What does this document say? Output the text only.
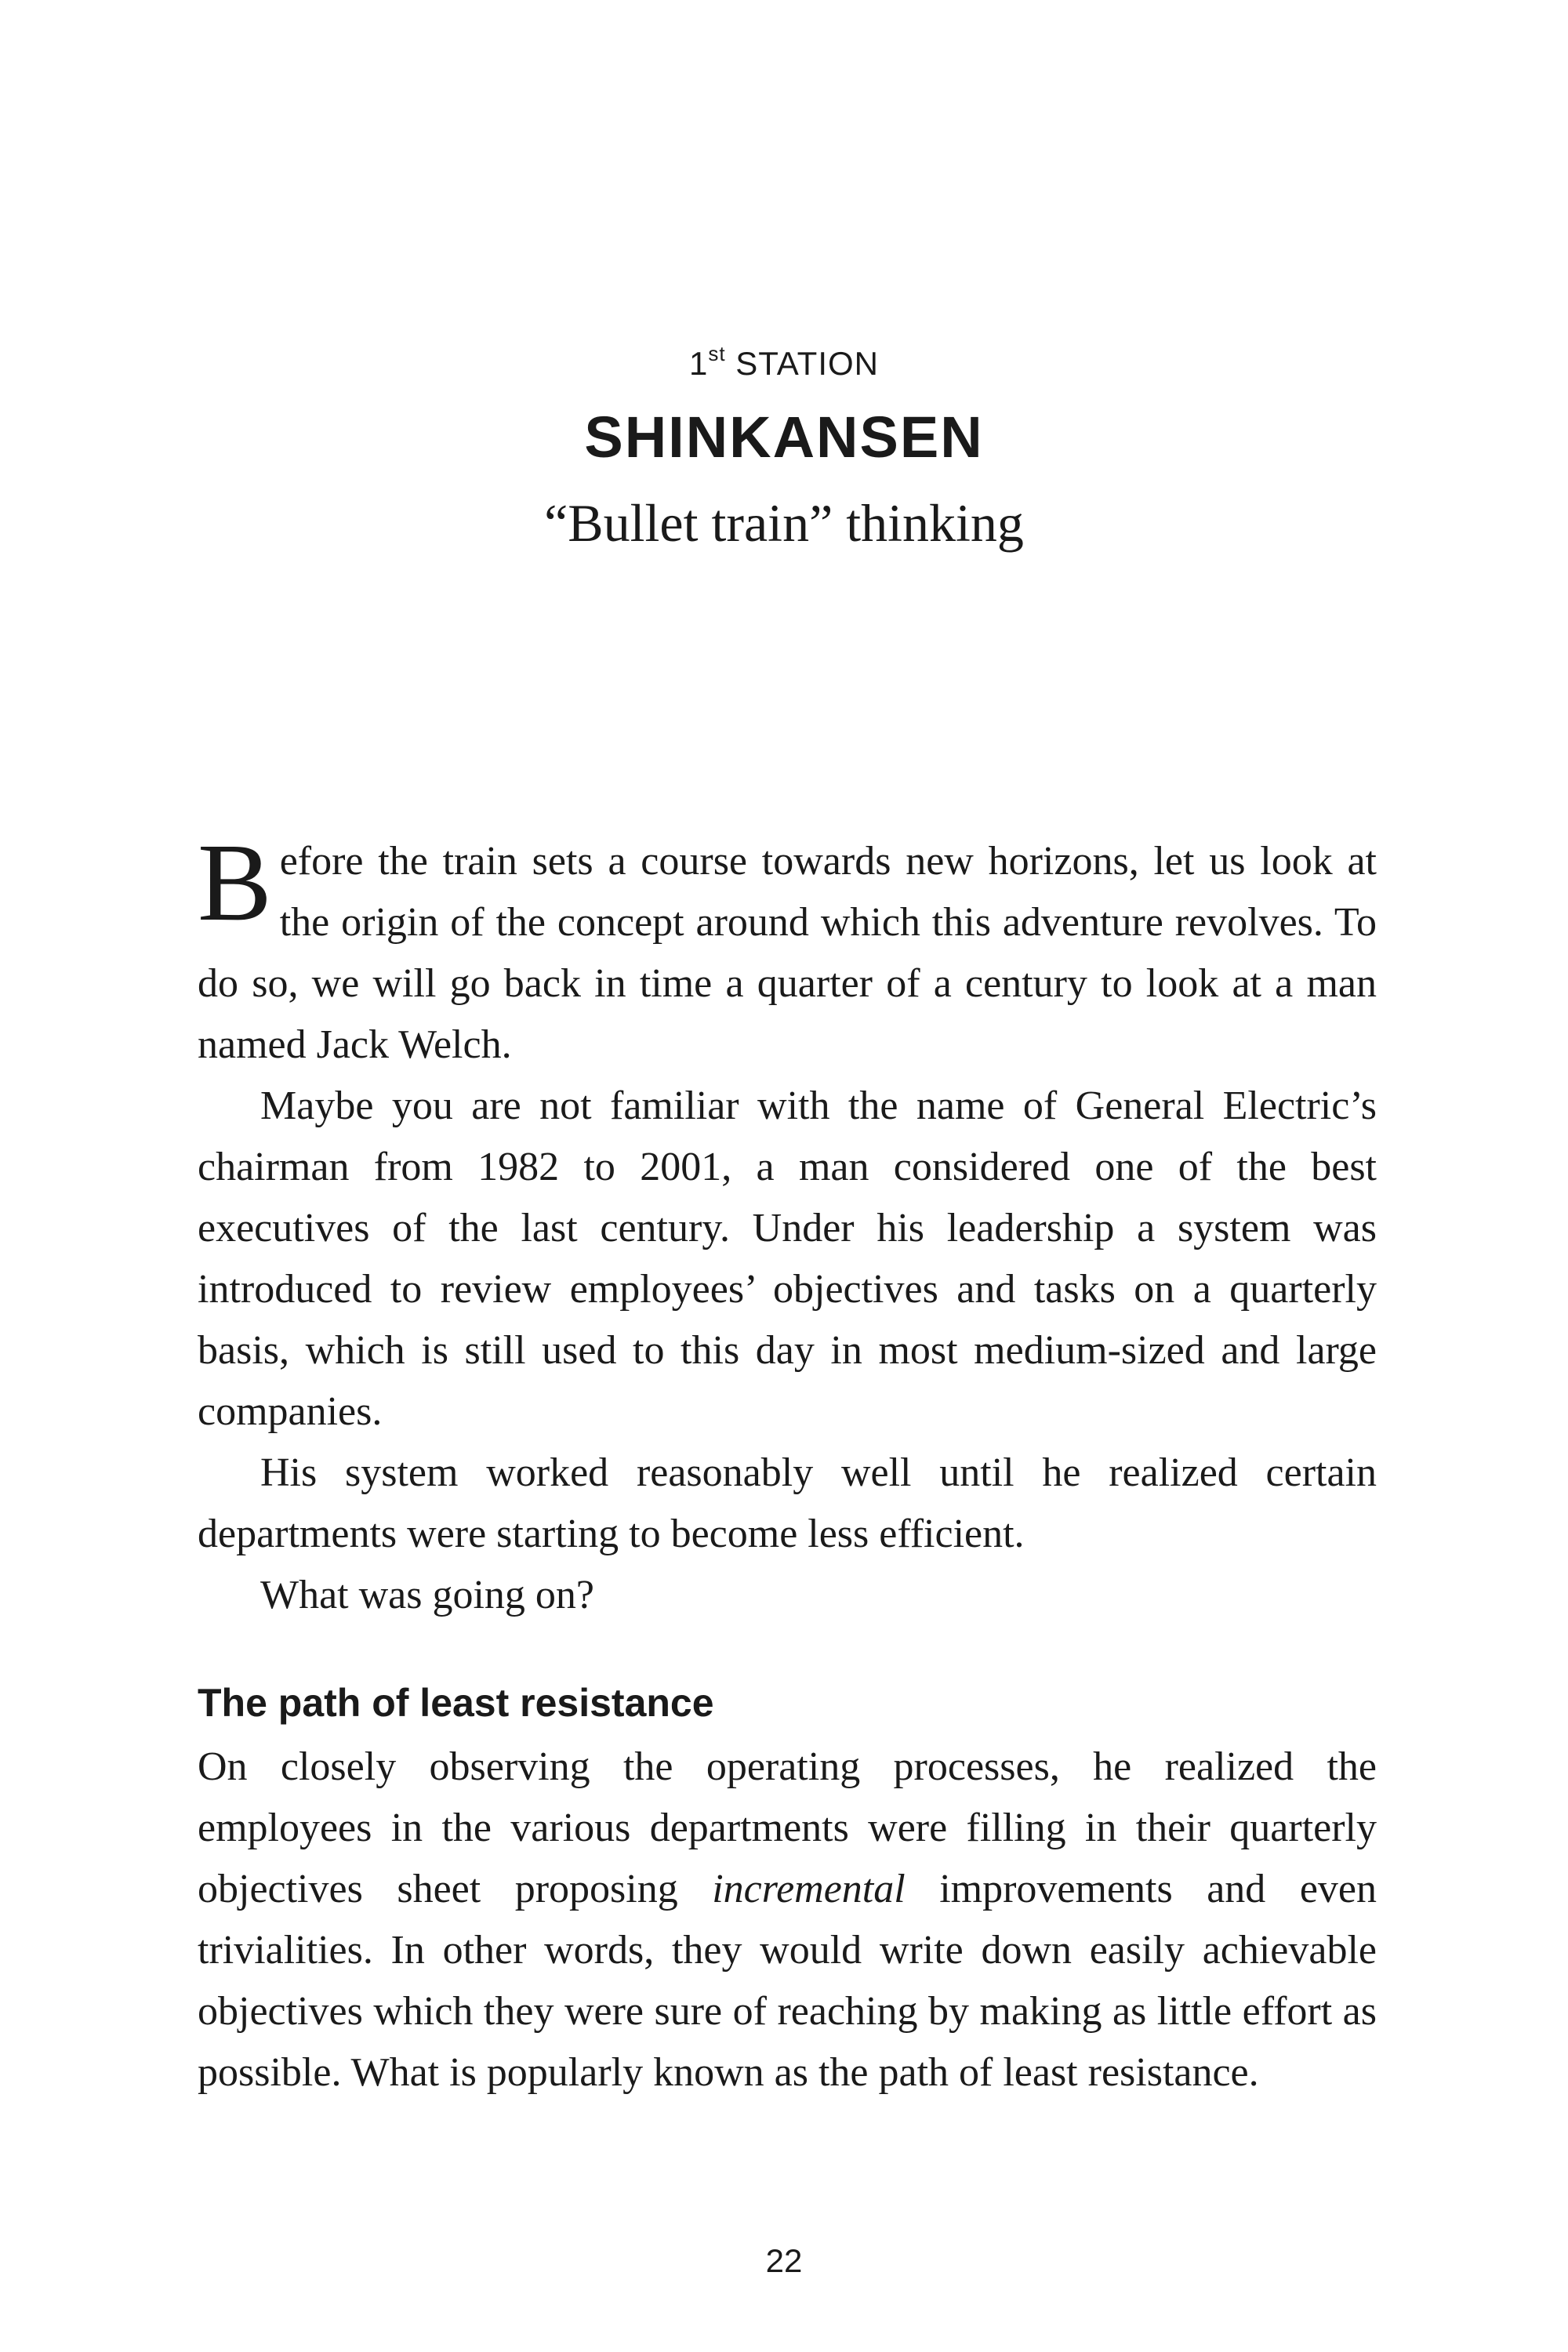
1st STATION
SHINKANSEN
“Bullet train” thinking

Before the train sets a course towards new horizons, let us look at the origin of the concept around which this adventure revolves. To do so, we will go back in time a quarter of a century to look at a man named Jack Welch.

Maybe you are not familiar with the name of General Electric’s chairman from 1982 to 2001, a man considered one of the best executives of the last century. Under his leadership a system was introduced to review employees’ objectives and tasks on a quarterly basis, which is still used to this day in most medium-sized and large companies.

His system worked reasonably well until he realized certain departments were starting to become less efficient.

What was going on?

The path of least resistance

On closely observing the operating processes, he realized the employees in the various departments were filling in their quarterly objectives sheet proposing incremental improvements and even trivialities. In other words, they would write down easily achievable objectives which they were sure of reaching by making as little effort as possible. What is popularly known as the path of least resistance.

22
